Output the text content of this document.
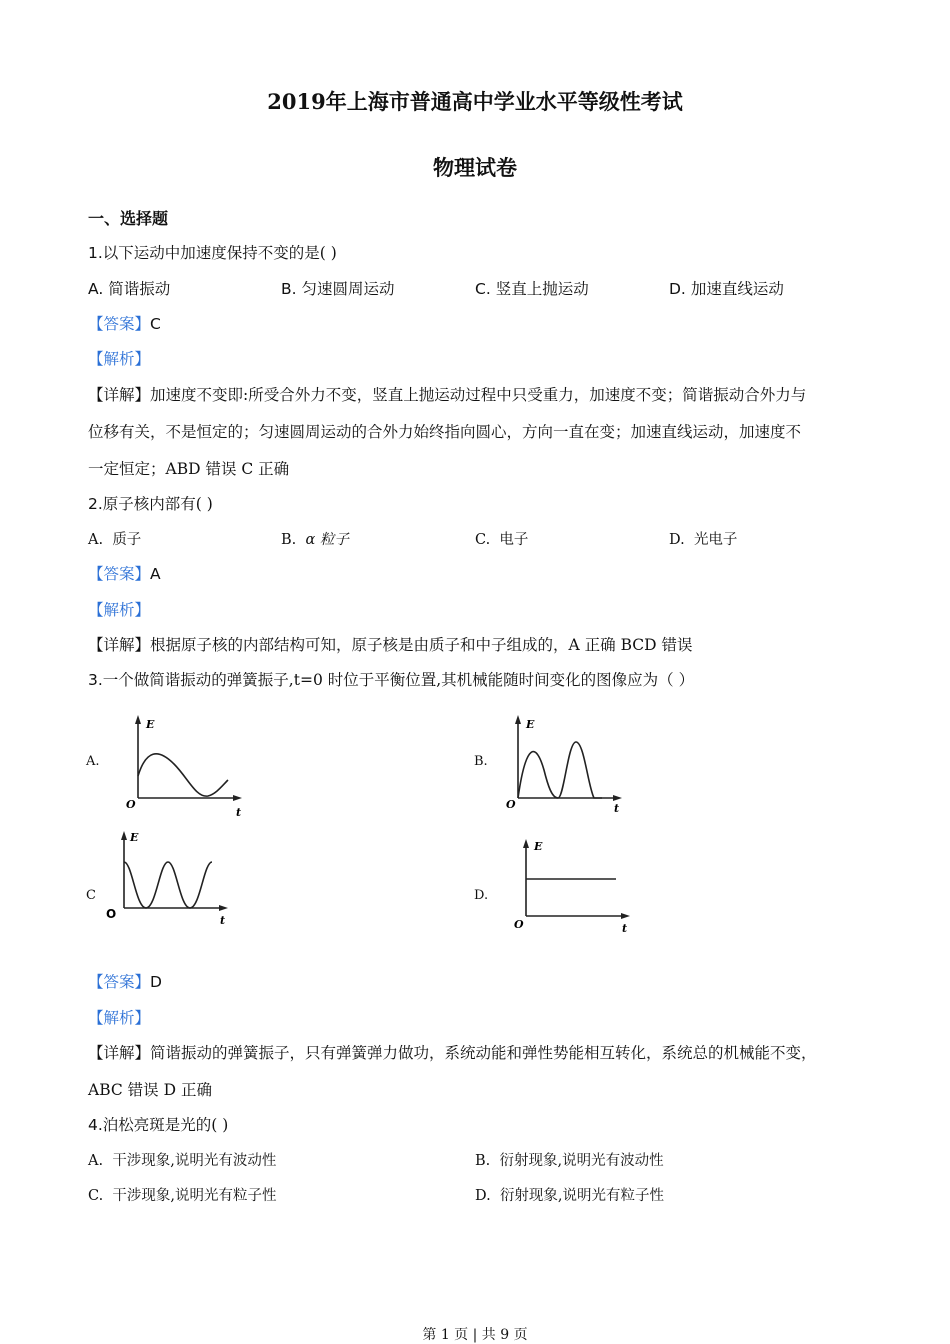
2019年上海市普通高中学业水平等级性考试
物理试卷
一、选择题
1.以下运动中加速度保持不变的是( )
A. 简谐振动	B. 匀速圆周运动	C. 竖直上抛运动	D. 加速直线运动
【答案】C
【解析】
【详解】加速度不变即:所受合外力不变，竖直上抛运动过程中只受重力，加速度不变；简谐振动合外力与
位移有关，不是恒定的；匀速圆周运动的合外力始终指向圆心，方向一直在变；加速直线运动，加速度不
一定恒定；ABD 错误 C 正确
2.原子核内部有( )
A. 质子	B. α 粒子	C. 电子	D. 光电子
【答案】A
【解析】
【详解】根据原子核的内部结构可知，原子核是由质子和中子组成的，A 正确 BCD 错误
3.一个做简谐振动的弹簧振子,t=0 时位于平衡位置,其机械能随时间变化的图像应为（ ）
A.	B.
C	D.
E
O
t
E
O	t
E
O	t
E
O	t
【答案】D
【解析】
【详解】简谐振动的弹簧振子，只有弹簧弹力做功，系统动能和弹性势能相互转化，系统总的机械能不变，
ABC 错误 D 正确
4.泊松亮斑是光的( )
A. 干涉现象,说明光有波动性	B. 衍射现象,说明光有波动性
C. 干涉现象,说明光有粒子性	D. 衍射现象,说明光有粒子性
第 1 页 | 共 9 页
